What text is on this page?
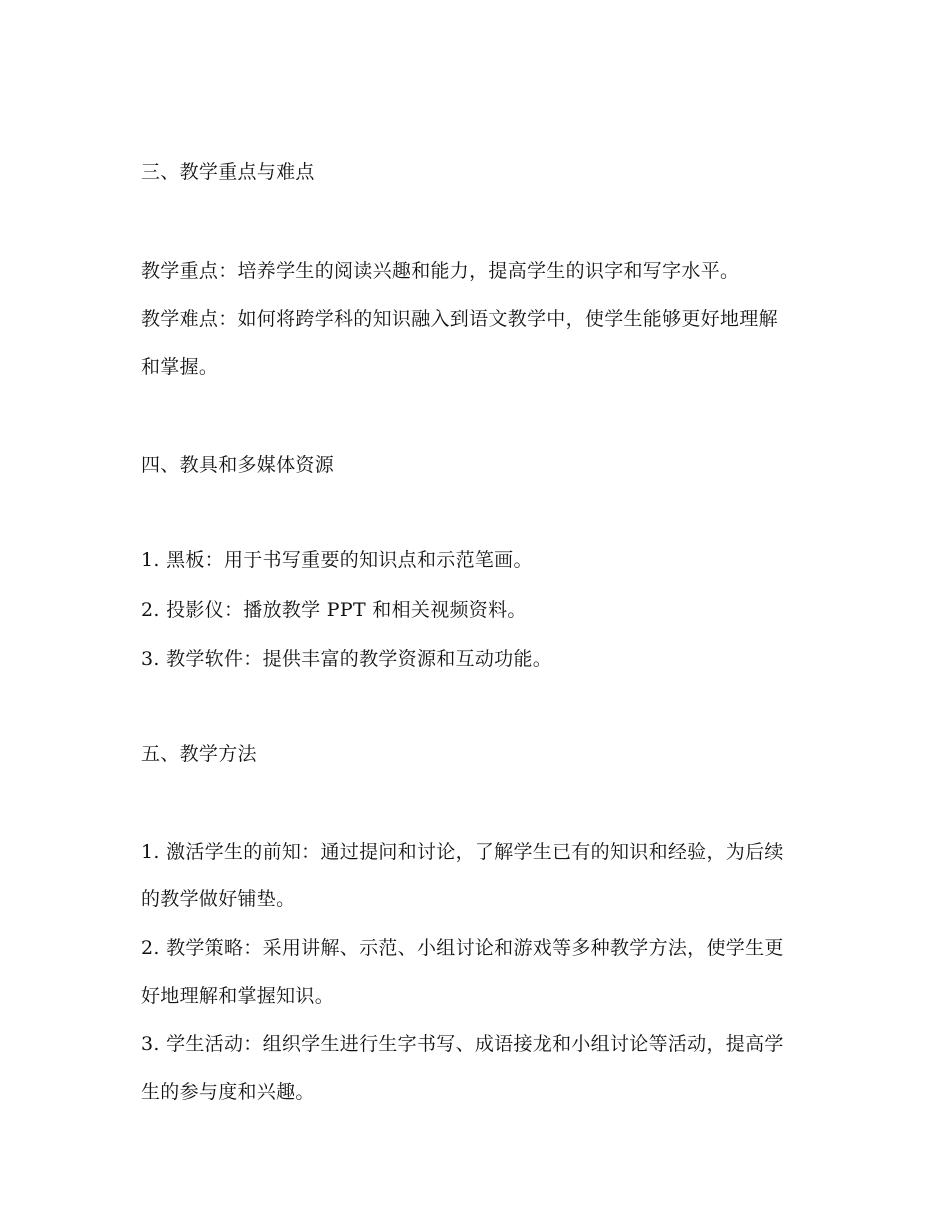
三、教学重点与难点
教学重点：培养学生的阅读兴趣和能力，提高学生的识字和写字水平。
教学难点：如何将跨学科的知识融入到语文教学中，使学生能够更好地理解
和掌握。
四、教具和多媒体资源
1. 黑板：用于书写重要的知识点和示范笔画。
2. 投影仪：播放教学 PPT 和相关视频资料。
3. 教学软件：提供丰富的教学资源和互动功能。
五、教学方法
1. 激活学生的前知：通过提问和讨论，了解学生已有的知识和经验，为后续
的教学做好铺垫。
2. 教学策略：采用讲解、示范、小组讨论和游戏等多种教学方法，使学生更
好地理解和掌握知识。
3. 学生活动：组织学生进行生字书写、成语接龙和小组讨论等活动，提高学
生的参与度和兴趣。
